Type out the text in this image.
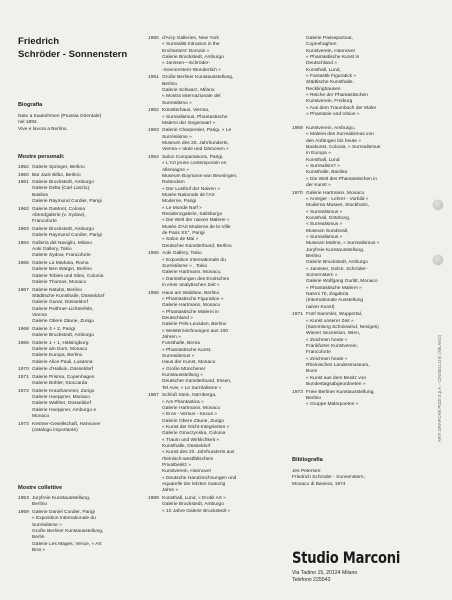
Friedrich
Schröder - Sonnenstern
Biografia
Nato a Kaukehmen (Prussia Orientale)
nel 1892.
Vive e lavora a Berlino.
Mostre personali:
1952 Galerie Springer, Berlino
1960 Bar Jack Bilbo, Berlino
1961 Galerie Brockstedt, Amburgo
Galerie Delta (Carl Laszlo),
Basilea
Galerie Raymond Cordier, Parigi
1962 Galerie DuMont, Colonia
Abendgalerie (v. Sydow),
Francoforte
1963 Galerie Brockstedt, Amburgo
Galerie Raymond Cordier, Parigi
1964 Galleria del Naviglio, Milano
Aoki Gallery, Tokio
Galerie Sydow, Francoforte
1966 Galerie La Medusa, Roma
Galerie Ben Wargin, Berlino
Galerie Tobies und Silex, Colonia
Galerie Thomas, Monaco
1967 Galerie Natubs, Berlino
Städtische Kunsthalle, Düsseldorf
Galerie Gunar, Düsseldorf
Galerie Peithner-Lichtenfels,
Vienna
Galerie Obere Zäune, Zurigo
1968 Galerie 3 + 2, Parigi
Galerie Brockstedt, Amburgo
1969 Galerie 1 + 1, Hälsingborg
Galerie am Dom, Monaco
Galerie Europa, Berlino
Galerie Alice Pauli, Losanna
1970 Galerie d'Halluin, Düsseldorf
1971 Galerie Prisma, Copenhagen
Galerie Bühler, Stoccarda
1972 Galerie Krauthammer, Zurigo
Galerie Hoeppner, Monaco
Galerie Walther, Düsseldorf
Galerie Hoeppner, Amburgo e
Monaco
1973 Kestner-Gesellschaft, Hannover
(catalogo importante)
Mostre collettive
1953 Juryfreie Kunstausstellung,
Berlino
1959 Galerie Daniel Cordier, Parigi
« Exposition Internationale du
Surréalisme »
Große Berliner Kunstausstellung,
Berlin
Galerie Les Mages, Vence, « Art
Brut »
1960 d'Arcy Galleries, New York
« Surrealist Intrusion in the
Enchanters' Domain »
Galerie Brockstedt, Amburgo
« Janssen—Schröder-
-Sonnenstern-Wunderlich »
1961 Große Berliner Kunstausstellung,
Berlino
Galerie Schwarz, Milano
« Mostra Internazionale del
Surrealismo »
1962 Künstlerhaus, Vienna,
« Surrealismus, Phantastische
Malerei der Gegenwart »
1963 Galerie Charpentier, Parigi, « Le
Surréalisme »
Museum des 20. Jahrhunderts,
Vienna « Idole und Dämonen »
1964 Salon Comparaisons, Parigi,
« L'Art jeune contemporain en
Allemagne »
Museum Boymans-van Beuningen,
Rotterdam
« Der Lusthof der Naiven »
Musée Nationale de l'Art
Moderne, Parigi
« Le Monde Naïf »
Residenzgalerie, Salisburgo
« Die Welt der naiven Malerei »
Musée d'Art Moderne de la Ville
de Paris XX°, Parigi
« Salon de Mai »
Deutscher Künstlerbund, Berlino
1965 Aoki Gallery, Tokio
« Exposition Internationale du
Surréalisme » , Tokio
Galerie Hartmann, Monaco,
« Darstellungen des Erotischen
in einer analytischen Zeit »
1966 Haus am Waldsee, Berlino
« Phantastische Figuration »
Galerie Hartmann, Monaco
« Phantastische Malerei in
Deutschland »
Galerie Pels-Leusden, Berlino
« Meisterzeichnungen aus 100
Jahren »
Funsthalle, Berna
« Phantastische Kunst,
Surrealismus »
Haus der Kunst, Monaco
« Große Münchener
Kunstausstellung »
Deutscher Künstlerbund, Essen,
Tel Aviv, « Le Surréalisme »
1967 Schloß Stein, Nürnberga,
« Ars Phantastica »
Galerie Hartmann, Monaco
« Eros - Versus - Sexus »
Galerie Obere Zäune, Zurigo
« Kunst der Nicht-Integrierten »
Galerie Gmurzynska, Colonia
« Traum und Wirklichkeit »
Kunsthalle, Düsseldorf
« Kunst des 20. Jahrhunderts aus
rheinisch-westfälischem
Privatbesitz »
Kunstverein, Hannover
« Deutsche Handzeichnungen und
Aquarelle der letzten zwanzig
Jahre »
1968 Konsthall, Lund, « Erotik Art »
Galerie Brockstedt, Amburgo
« 10 Jahre Galerie Brockstedt »
Galerie Passepartout,
Copenhaghen
Kunstverein, Hannover
« Phantastische Kunst in
Deutschland »
Konsthall, Lund,
« Fantastik Figuratick »
Städtische Kunsthalle,
Recklinghausen
« Reiche der Phantastischen
Kunstverein, Freiburg
« Aus dem Traumbuch der Maler
« Phantasie und Vision »
1969 Kunstverein, Amburgo,
« Malerei des Surrealismus von
den Anfängen bis heute »
Baukunst, Colonia, « Surrealismus
in Europa »
Konsthall, Lund
« Surrealism? »
Kunsthalle, Basilea
« Die Welt des Phantastischen in
der Kunst »
1970 Galerie Hartmann, Monaco
« Anreger - Lehrer - Vorbild »
Moderna Museet, Stockholm,
« Surrealismus »
Konsthall, Göteborg,
« Surrealismus »
Museum Sundsvall,
« Surrealismus »
Museum Malmö, « Surrealismus »
Juryfreie Kunstausstellung,
Berlino
Galerie Brockstedt, Amburgo
« Janssen, Gelze, Schröder-
Sonnenstern »
Galerie Wolfgang Gurlitt, Monaco
« Phantastische Malerei »
Naïvni 70, Zagabria
(Internationale Ausstellung
naiver Kunst)
1971 Fünf Sammler, Wuppertal,
« Kunst unserer Zeit »
(Sammlung Schniewind, Neviges)
Wiener Secession, Wien,
« Zeichnen heute »
Frankfurter Kunstverein,
Francoforte
« Zeichnen heute »
Rheinisches Landesmuseum,
Bonn
« Kunst aus dem Besitz von
Bundestagsabgeordneten »
1973 Freie Berliner Kunstausstellung,
Berlino
« Gruppe Malerpoeten »
Bibliografia
Jes Petersen:
Friedrich Schröder - Sonnenstern,
Monaco di Baviera, 1974
Studio Marconi
Via Tadino 15, 20124 Milano
Telefono 225543
ARTI GRAFICHE PIZZI S.p.A. - CINISELLO B. (MILANO)
